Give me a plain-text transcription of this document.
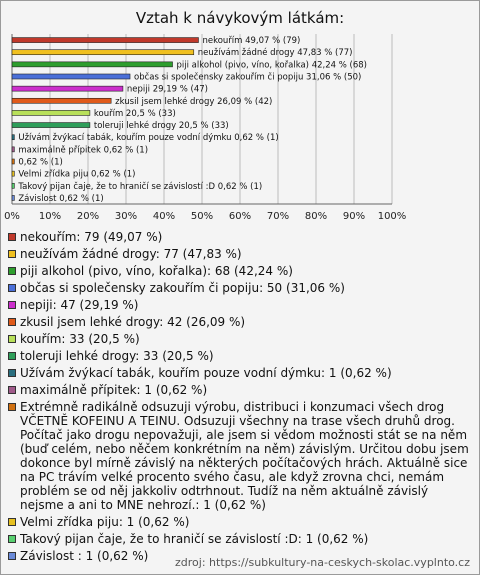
Vztah k návykovým látkám:
0% 10% 20% 30% 40% 50% 60% 70% 80% 90% 100%
nekouřím 49,07 % (79)
neužívám žádné drogy 47,83 % (77)
piji alkohol (pivo, víno, kořalka) 42,24 % (68)
občas si společensky zakouřím či popiju 31,06 % (50)
nepiji 29,19 % (47)
zkusil jsem lehké drogy 26,09 % (42)
kouřím 20,5 % (33)
toleruji lehké drogy 20,5 % (33)
Užívám žvýkací tabák, kouřím pouze vodní dýmku 0,62 % (1)
maximálně přípitek 0,62 % (1)
0,62 % (1)
Velmi zřídka piju 0,62 % (1)
Takový pijan čaje, že to hraničí se závislostí :D 0,62 % (1)
Závislost 0,62 % (1)
nekouřím: 79 (49,07 %)
neužívám žádné drogy: 77 (47,83 %)
piji alkohol (pivo, víno, kořalka): 68 (42,24 %)
občas si společensky zakouřím či popiju: 50 (31,06 %)
nepiji: 47 (29,19 %)
zkusil jsem lehké drogy: 42 (26,09 %)
kouřím: 33 (20,5 %)
toleruji lehké drogy: 33 (20,5 %)
Užívám žvýkací tabák, kouřím pouze vodní dýmku: 1 (0,62 %)
maximálně přípitek: 1 (0,62 %)
Extrémně radikálně odsuzuji výrobu, distribuci i konzumaci všech drog VČETNĚ KOFEINU A TEINU. Odsuzuji všechny na trase všech druhů drog. Počítač jako drogu nepovažuji, ale jsem si vědom možnosti stát se na něm (buď celém, nebo něčem konkrétním na něm) závislým. Určitou dobu jsem dokonce byl mírně závislý na některých počítačových hrách. Aktuálně sice na PC trávím velké procento svého času, ale když zrovna chci, nemám problém se od něj jakkoliv odtrhnout. Tudíž na něm aktuálně závislý nejsme a ani to MNE nehrozí.: 1 (0,62 %)
Velmi zřídka piju: 1 (0,62 %)
Takový pijan čaje, že to hraničí se závislostí :D: 1 (0,62 %)
Závislost : 1 (0,62 %)	zdroj: https://subkultury-na-ceskych-skolac.vyplnto.cz
